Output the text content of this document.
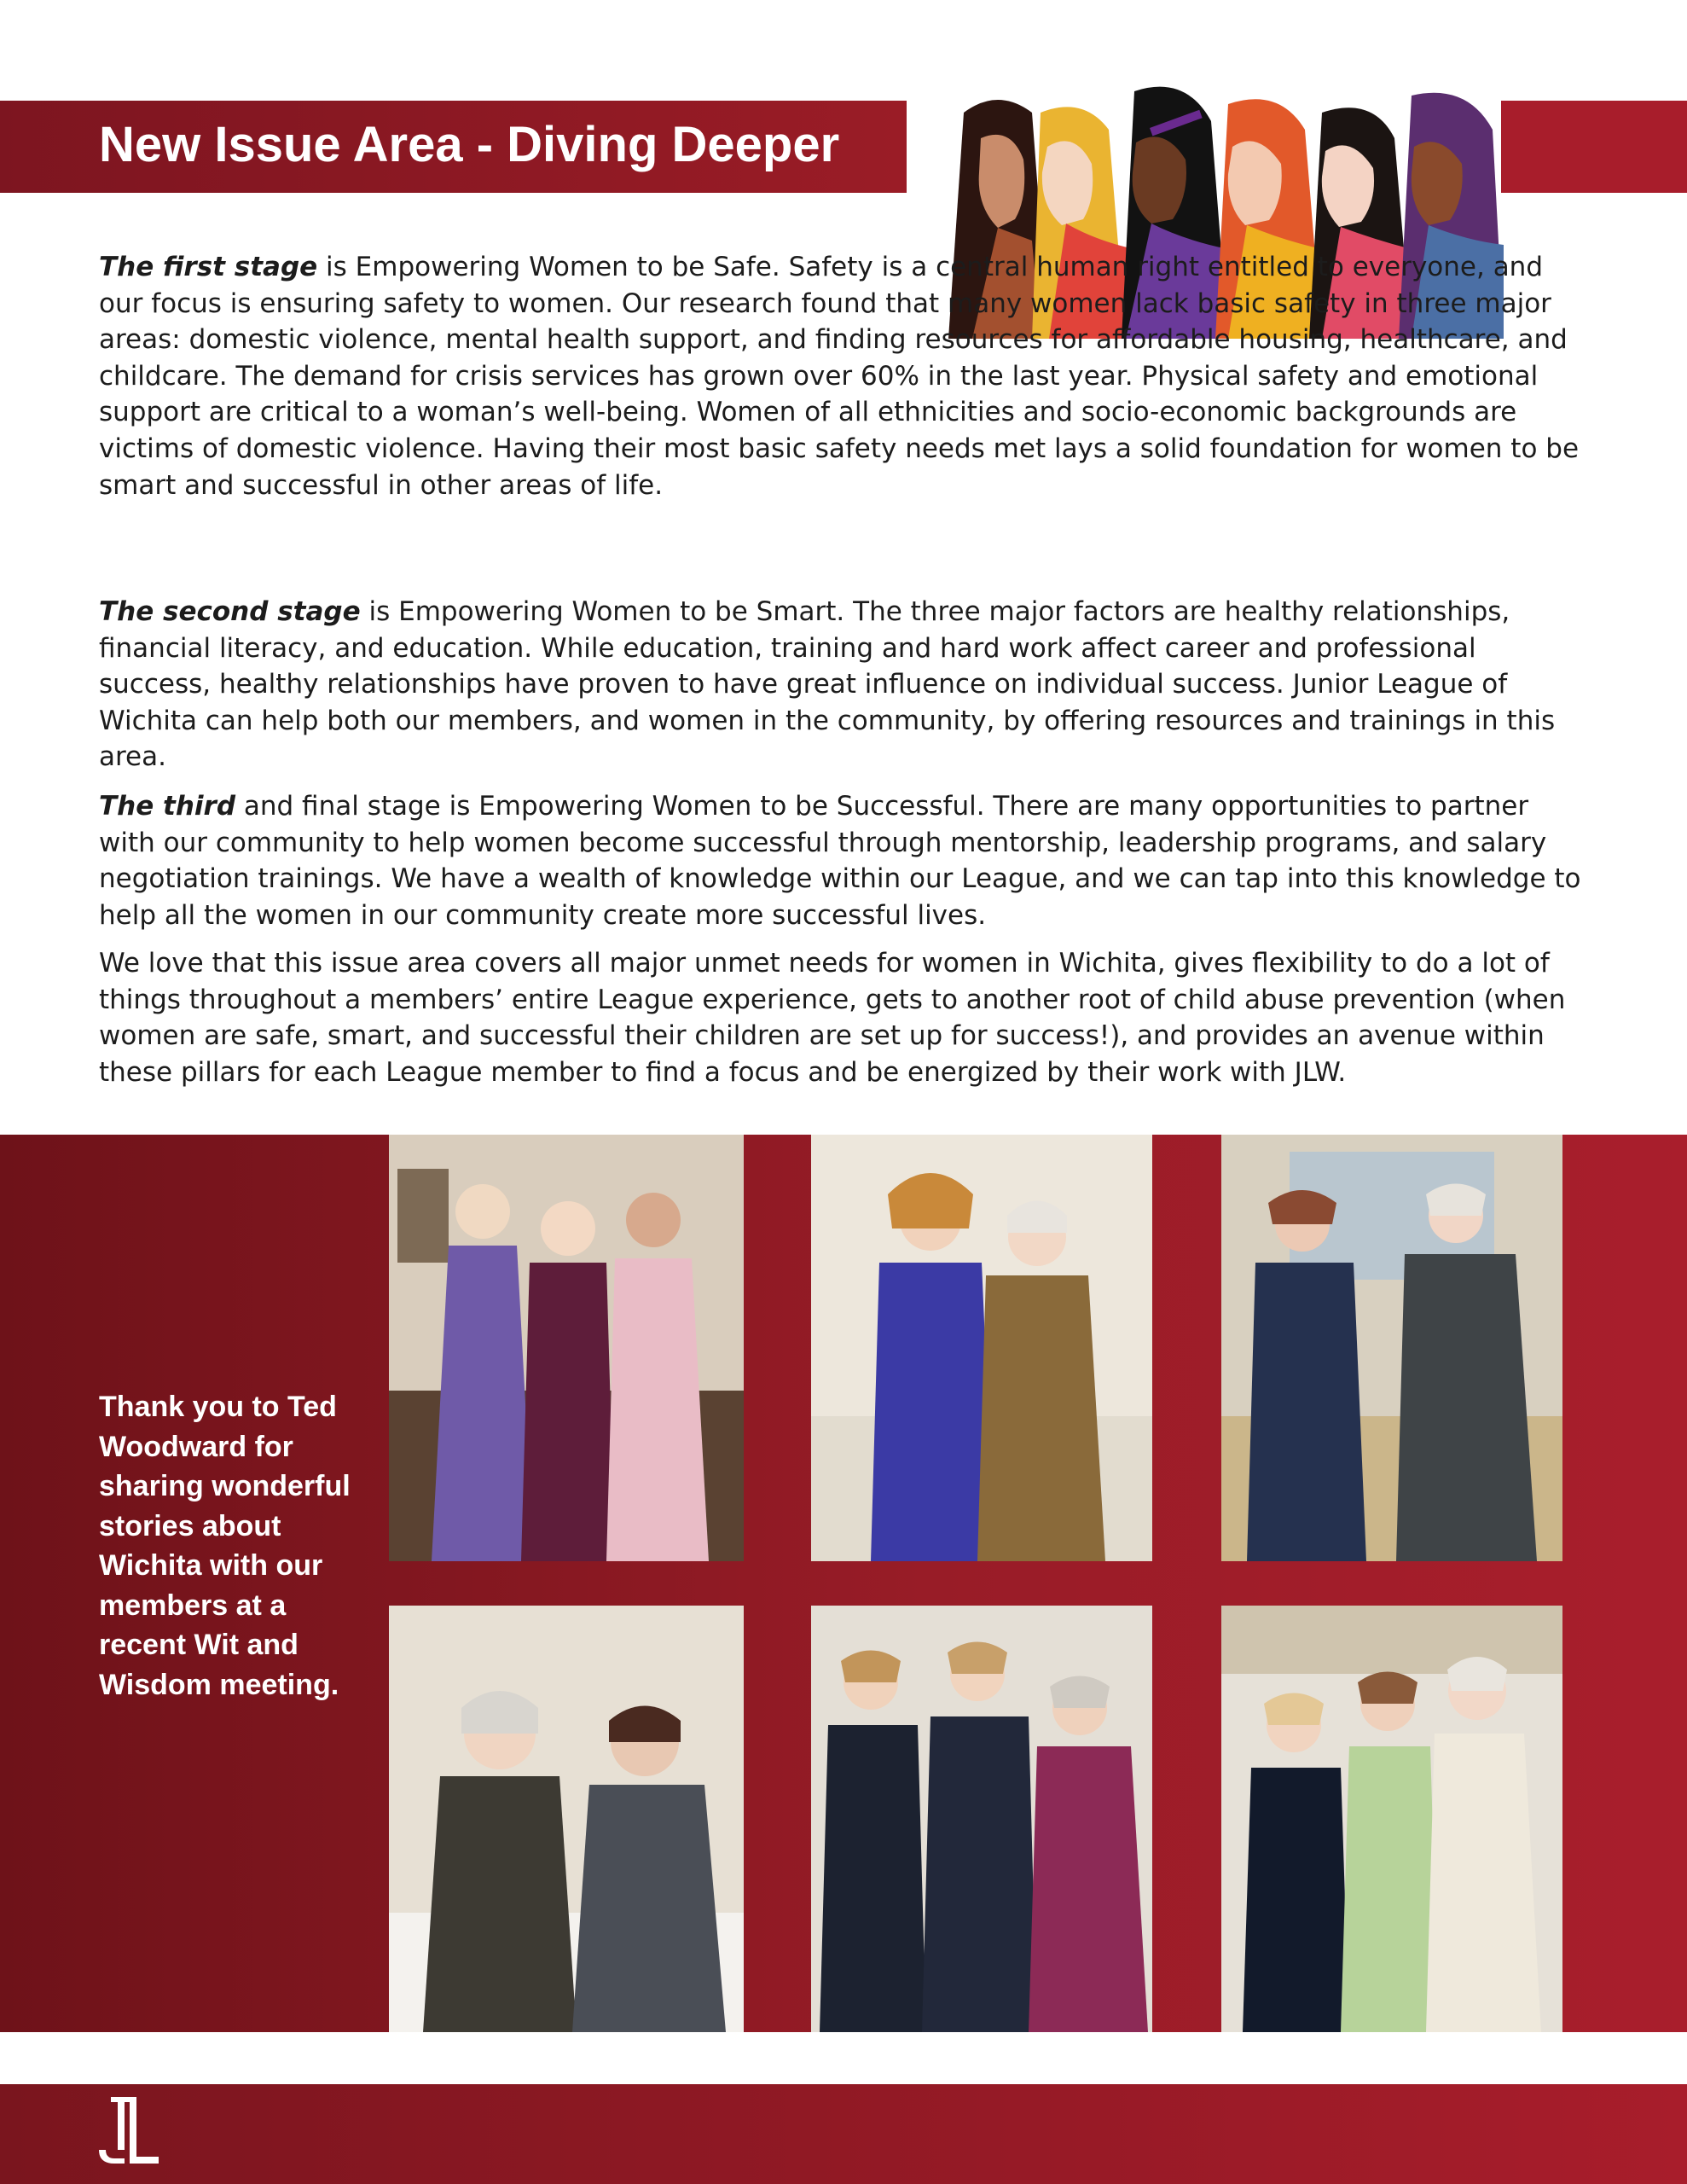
New Issue Area - Diving Deeper

The first stage is Empowering Women to be Safe. Safety is a central human right entitled to everyone, and our focus is ensuring safety to women. Our research found that many women lack basic safety in three major areas: domestic violence, mental health support, and finding resources for affordable housing, healthcare, and childcare. The demand for crisis services has grown over 60% in the last year. Physical safety and emotional support are critical to a woman’s well-being. Women of all ethnicities and socio-economic backgrounds are victims of domestic violence. Having their most basic safety needs met lays a solid foundation for women to be smart and successful in other areas of life.

The second stage is Empowering Women to be Smart. The three major factors are healthy relationships, financial literacy, and education. While education, training and hard work affect career and professional success, healthy relationships have proven to have great influence on individual success. Junior League of Wichita can help both our members, and women in the community, by offering resources and trainings in this area.

The third and final stage is Empowering Women to be Successful. There are many opportunities to partner with our community to help women become successful through mentorship, leadership programs, and salary negotiation trainings. We have a wealth of knowledge within our League, and we can tap into this knowledge to help all the women in our community create more successful lives.

We love that this issue area covers all major unmet needs for women in Wichita, gives flexibility to do a lot of things throughout a members’ entire League experience, gets to another root of child abuse prevention (when women are safe, smart, and successful their children are set up for success!), and provides an avenue within these pillars for each League member to find a focus and be energized by their work with JLW.

Thank you to Ted Woodward for sharing wonderful stories about Wichita with our members at a recent Wit and Wisdom meeting.
